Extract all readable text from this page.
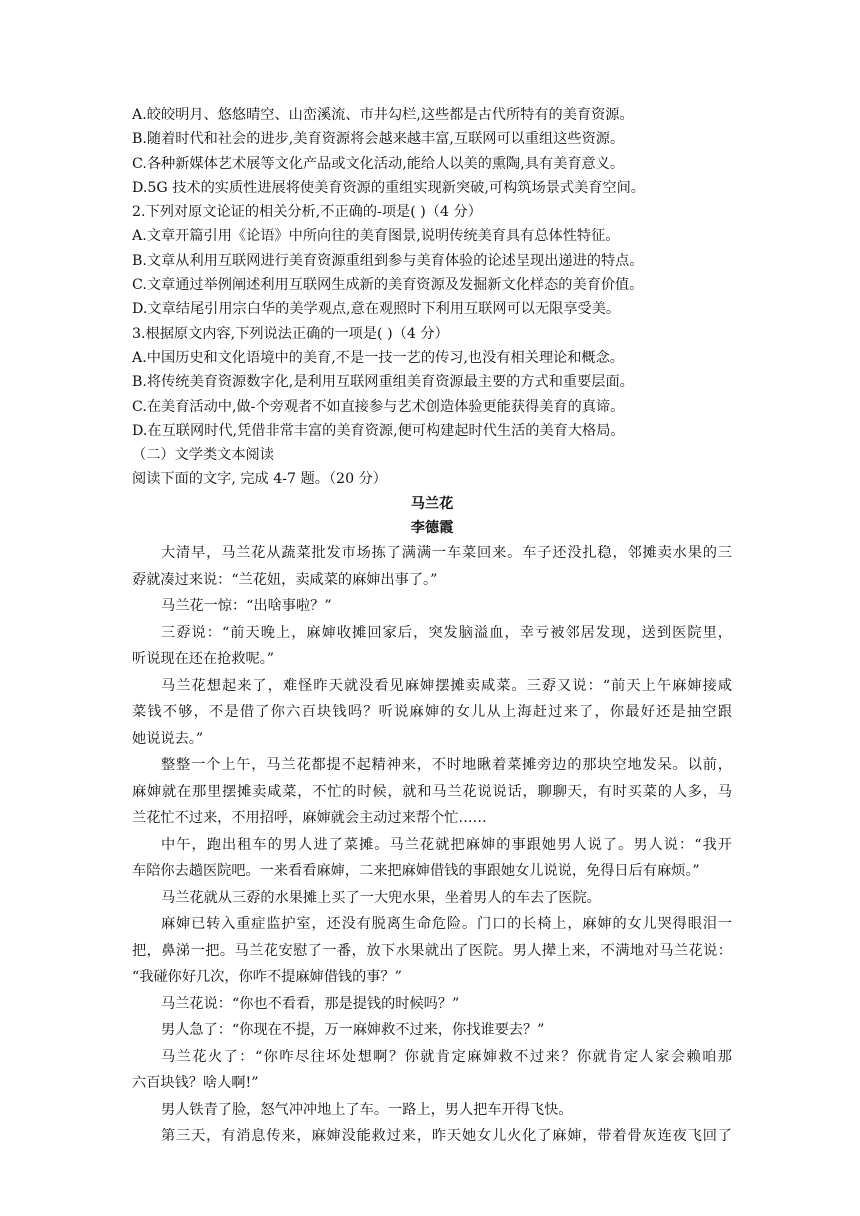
A.皎皎明月、悠悠晴空、山峦溪流、市井勾栏,这些都是古代所特有的美育资源。
B.随着时代和社会的进步,美育资源将会越来越丰富,互联网可以重组这些资源。
C.各种新媒体艺术展等文化产品或文化活动,能给人以美的熏陶,具有美育意义。
D.5G 技术的实质性进展将使美育资源的重组实现新突破,可构筑场景式美育空间。
2.下列对原文论证的相关分析,不正确的-项是( )（4 分）
A.文章开篇引用《论语》中所向往的美育图景,说明传统美育具有总体性特征。
B.文章从利用互联网进行美育资源重组到参与美育体验的论述呈现出递进的特点。
C.文章通过举例阐述利用互联网生成新的美育资源及发掘新文化样态的美育价值。
D.文章结尾引用宗白华的美学观点,意在观照时下利用互联网可以无限享受美。
3.根据原文内容,下列说法正确的一项是( )（4 分）
A.中国历史和文化语境中的美育,不是一技一艺的传习,也没有相关理论和概念。
B.将传统美育资源数字化,是利用互联网重组美育资源最主要的方式和重要层面。
C.在美育活动中,做-个旁观者不如直接参与艺术创造体验更能获得美育的真谛。
D.在互联网时代,凭借非常丰富的美育资源,便可构建起时代生活的美育大格局。
（二）文学类文本阅读
阅读下面的文字, 完成 4-7 题。（20 分）
马兰花
李德霞
大清早，马兰花从蔬菜批发市场拣了满满一车菜回来。车子还没扎稳，邻摊卖水果的三
孬就凑过来说：“兰花妞，卖咸菜的麻婶出事了。”
马兰花一惊：“出啥事啦？”
三孬说：“前天晚上，麻婶收摊回家后，突发脑溢血，幸亏被邻居发现，送到医院里，
听说现在还在抢救呢。”
马兰花想起来了，难怪昨天就没看见麻婶摆摊卖咸菜。三孬又说：“前天上午麻婶接咸
菜钱不够，不是借了你六百块钱吗？听说麻婶的女儿从上海赶过来了，你最好还是抽空跟
她说说去。”
整整一个上午，马兰花都提不起精神来，不时地瞅着菜摊旁边的那块空地发呆。以前，
麻婶就在那里摆摊卖咸菜，不忙的时候，就和马兰花说说话，聊聊天，有时买菜的人多，马
兰花忙不过来，不用招呼，麻婶就会主动过来帮个忙……
中午，跑出租车的男人进了菜摊。马兰花就把麻婶的事跟她男人说了。男人说：“我开
车陪你去趟医院吧。一来看看麻婶，二来把麻婶借钱的事跟她女儿说说，免得日后有麻烦。”
马兰花就从三孬的水果摊上买了一大兜水果，坐着男人的车去了医院。
麻婶已转入重症监护室，还没有脱离生命危险。门口的长椅上，麻婶的女儿哭得眼泪一
把，鼻涕一把。马兰花安慰了一番，放下水果就出了医院。男人撵上来，不满地对马兰花说：
“我碰你好几次，你咋不提麻婶借钱的事？”
马兰花说：“你也不看看，那是提钱的时候吗？”
男人急了：“你现在不提，万一麻婶救不过来，你找谁要去？”
马兰花火了：“你咋尽往坏处想啊？你就肯定麻婶救不过来？你就肯定人家会赖咱那
六百块钱？啥人啊!”
男人铁青了脸，怒气冲冲地上了车。一路上，男人把车开得飞快。
第三天，有消息传来，麻婶没能救过来，昨天她女儿火化了麻婶，带着骨灰连夜飞回了
